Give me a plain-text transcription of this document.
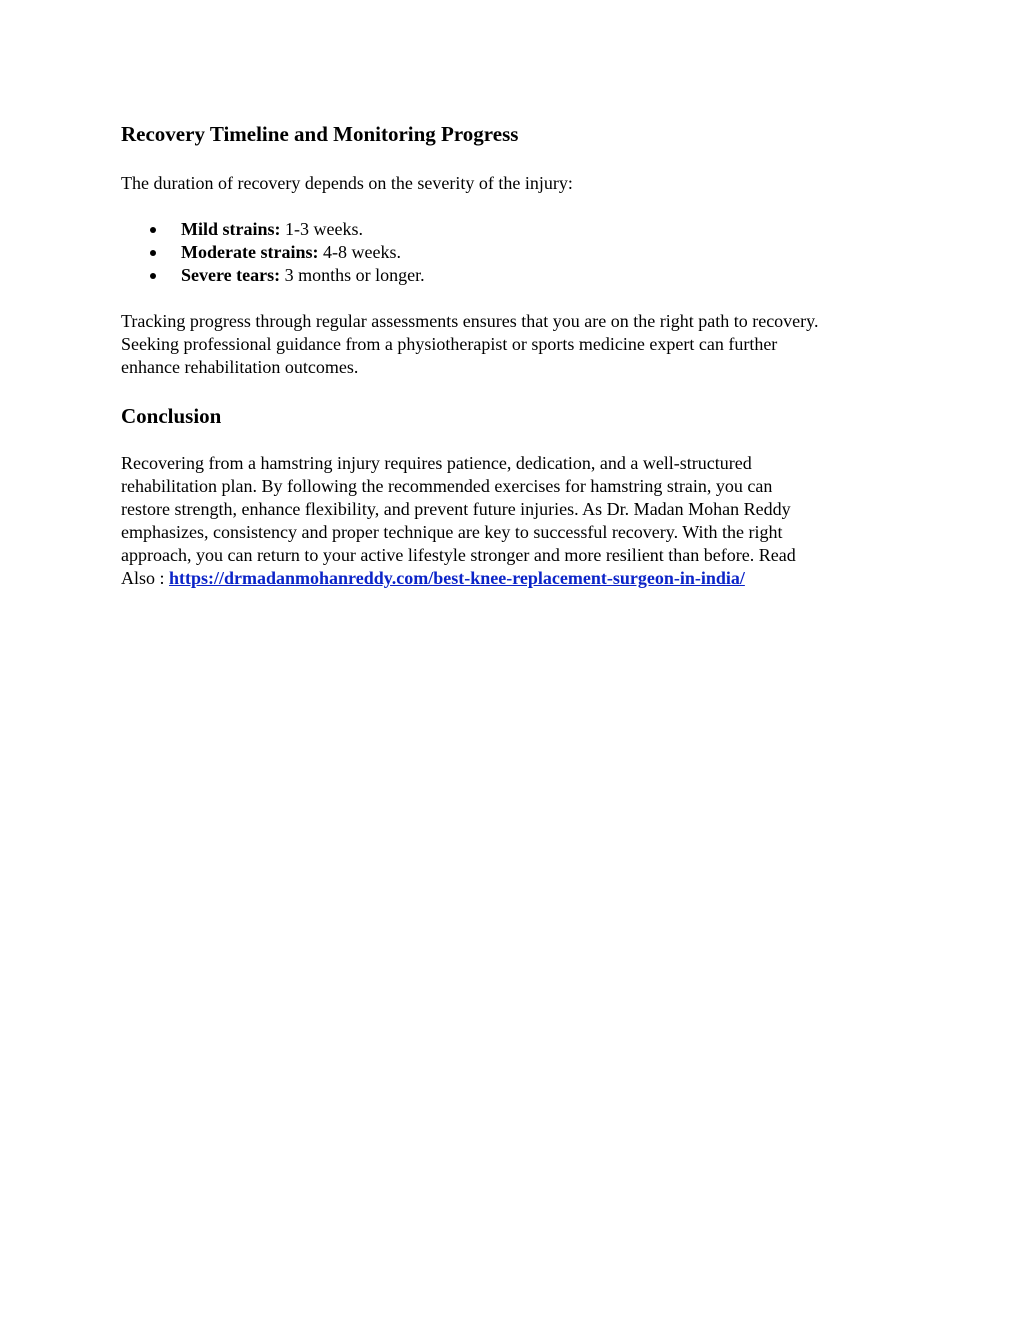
Recovery Timeline and Monitoring Progress

The duration of recovery depends on the severity of the injury:

Mild strains: 1-3 weeks.
Moderate strains: 4-8 weeks.
Severe tears: 3 months or longer.
Tracking progress through regular assessments ensures that you are on the right path to recovery.
Seeking professional guidance from a physiotherapist or sports medicine expert can further
enhance rehabilitation outcomes.
Conclusion
Recovering from a hamstring injury requires patience, dedication, and a well-structured
rehabilitation plan. By following the recommended exercises for hamstring strain, you can
restore strength, enhance flexibility, and prevent future injuries. As Dr. Madan Mohan Reddy
emphasizes, consistency and proper technique are key to successful recovery. With the right
approach, you can return to your active lifestyle stronger and more resilient than before. Read
Also : https://drmadanmohanreddy.com/best-knee-replacement-surgeon-in-india/
